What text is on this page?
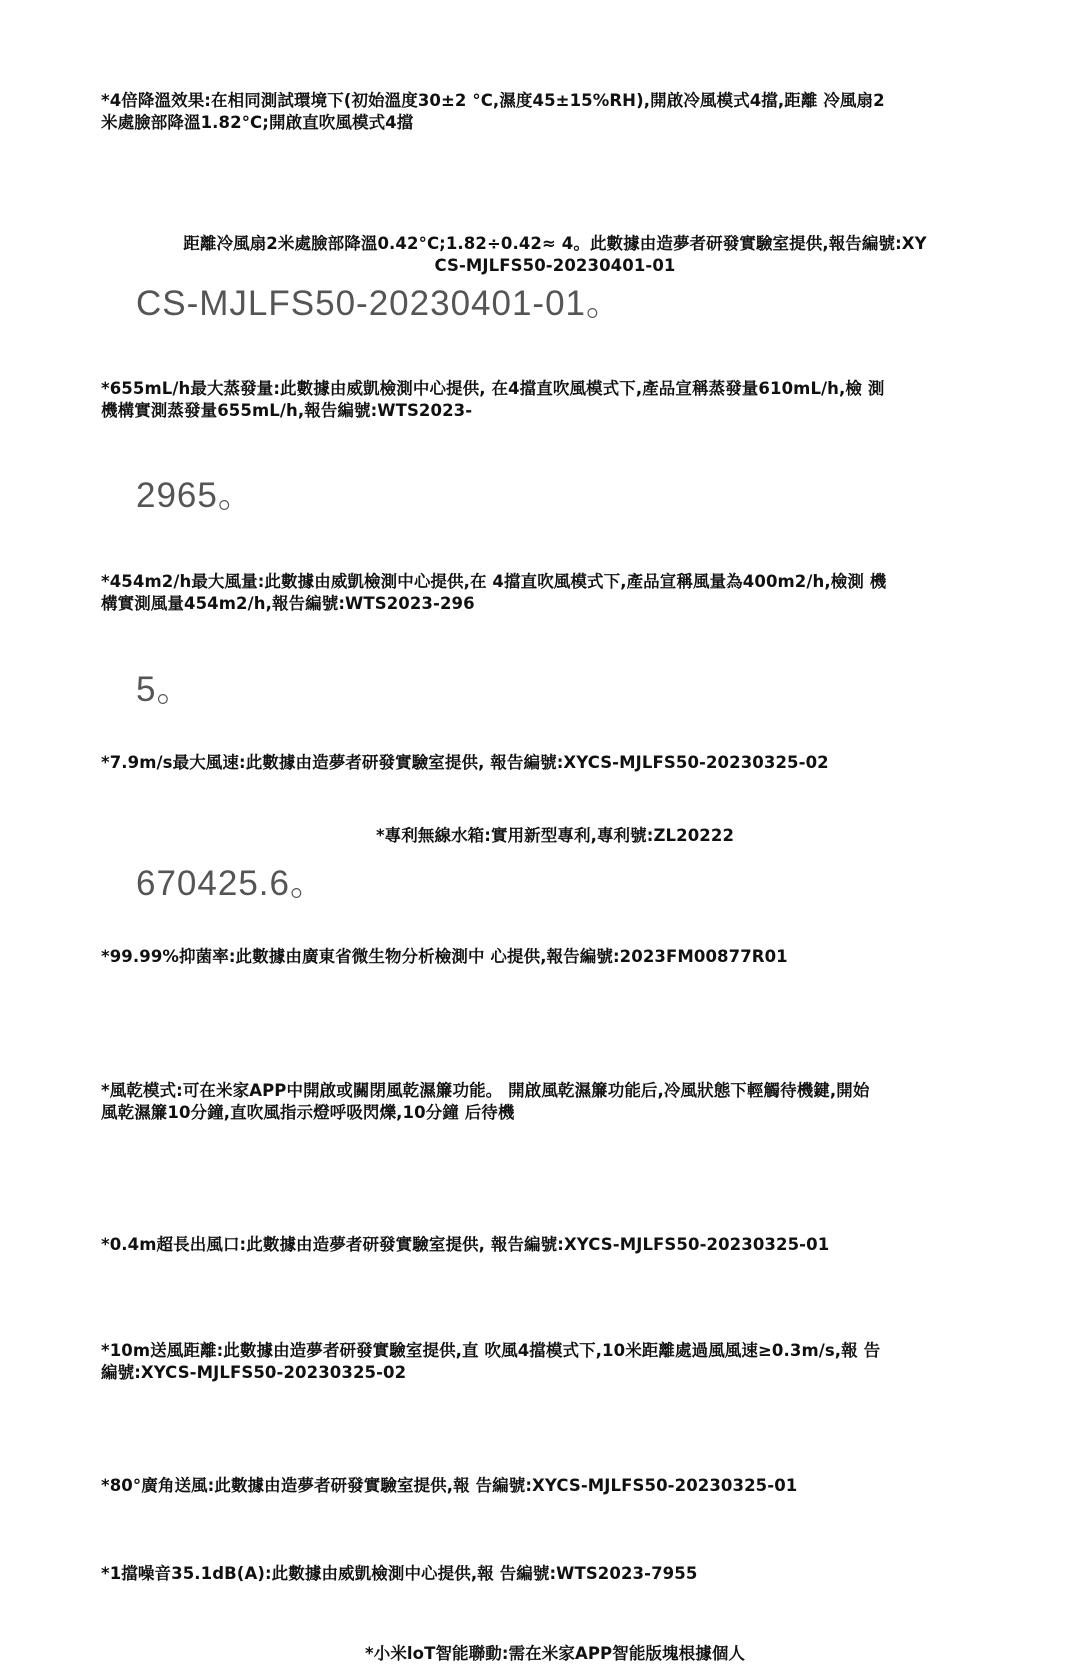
*4倍降溫效果:在相同測試環境下(初始溫度30±2 °C,濕度45±15%RH),開啟冷風模式4擋,距離 冷風扇2
米處臉部降溫1.82°C;開啟直吹風模式4擋
距離冷風扇2米處臉部降溫0.42°C;1.82÷0.42≈ 4。此數據由造夢者研發實驗室提供,報告編號:XY
CS-MJLFS50-20230401-01
CS-MJLFS50-20230401-01。
*655mL/h最大蒸發量:此數據由威凱檢測中心提供, 在4擋直吹風模式下,產品宣稱蒸發量610mL/h,檢 測
機構實測蒸發量655mL/h,報告編號:WTS2023-
2965。
*454m2/h最大風量:此數據由威凱檢測中心提供,在 4擋直吹風模式下,產品宣稱風量為400m2/h,檢測 機
構實測風量454m2/h,報告編號:WTS2023-296
5。
*7.9m/s最大風速:此數據由造夢者研發實驗室提供, 報告編號:XYCS-MJLFS50-20230325-02
*專利無線水箱:實用新型專利,專利號:ZL20222
670425.6。
*99.99%抑菌率:此數據由廣東省微生物分析檢測中 心提供,報告編號:2023FM00877R01
*風乾模式:可在米家APP中開啟或關閉風乾濕簾功能。 開啟風乾濕簾功能后,冷風狀態下輕觸待機鍵,開始
風乾濕簾10分鐘,直吹風指示燈呼吸閃爍,10分鐘 后待機
*0.4m超長出風口:此數據由造夢者研發實驗室提供, 報告編號:XYCS-MJLFS50-20230325-01
*10m送風距離:此數據由造夢者研發實驗室提供,直 吹風4擋模式下,10米距離處過風風速≥0.3m/s,報 告
編號:XYCS-MJLFS50-20230325-02
*80°廣角送風:此數據由造夢者研發實驗室提供,報 告編號:XYCS-MJLFS50-20230325-01
*1擋噪音35.1dB(A):此數據由威凱檢測中心提供,報 告編號:WTS2023-7955
*小米loT智能聯動:需在米家APP智能版塊根據個人
